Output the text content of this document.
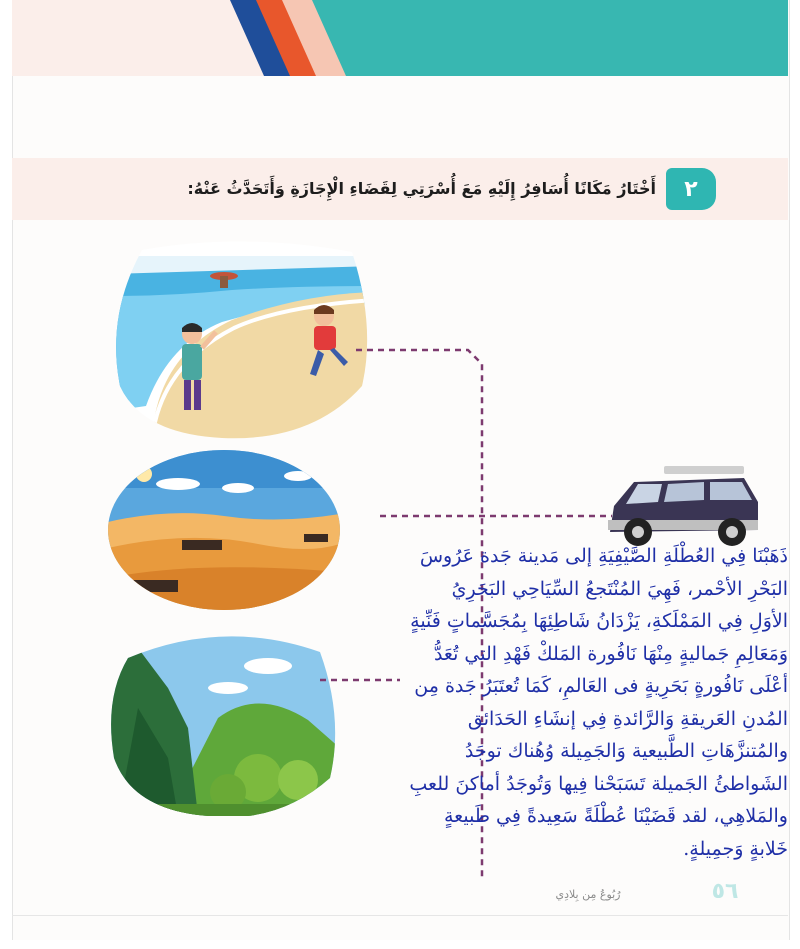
٢
أَخْتَارُ مَكَانًا أُسَافِرُ إِلَيْهِ مَعَ أُسْرَتِي لِقَضَاءِ الْإِجَازَةِ وَأَتَحَدَّثُ عَنْهُ:
ذَهَبْنَا فِي العُطْلَةِ الصَّيْفِيَةِ إلى مَدينة جَدة عَرُوسَ
البَحْرِ الأحْمر، فَهِيَ المُنْتَجعُ السِّيَاحِي البَحَرِيُ
الأوَلِ فِي المَمْلَكةِ، يَزْدَانُ شَاطِئِهَا بِمُجَسَّماتٍ فَنِّيةٍ
وَمَعَالِمِ جَماليةٍ مِنْهَا نَافُورة المَلكْ فَهْدِ التي تُعَدُّ
أعْلَى نَافُورةٍ بَحَرِيةٍ فى العَالمِ، كَمَا تُعتَبَرُ جَدة مِن
المُدنِ العَريقةِ وَالرَّائدةِ فِي إنشَاءِ الحَدَائق
والمُتنزَّهَاتِ الطَّبيعية وَالجَمِيلة وُهُناك توجَدُ
الشَواطئُ الجَميلة تَسَبَحْنا فِيها وَتُوجَدُ أماكنَ للعبِ
والمَلاهِي، لقد قَضَيْنَا عُطْلَةً سَعِيدةً فِي طَبيعةٍ
خَلابةٍ وَجمِيلةٍ.
رُبُوعُ مِن بِلادِي	٥٦
